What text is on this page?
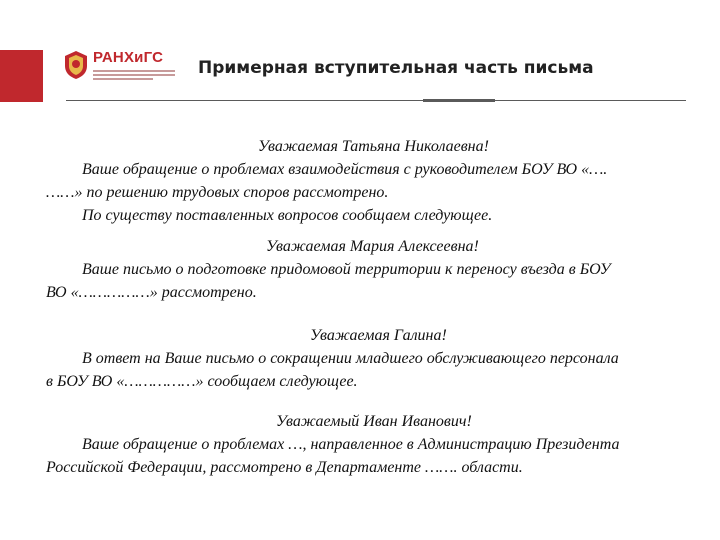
РАНХиГС
Примерная вступительная часть письма

Уважаемая Татьяна Николаевна!

Ваше обращение о проблемах взаимодействия с руководителем БОУ ВО «….

……» по решению трудовых споров рассмотрено.

По существу поставленных вопросов сообщаем следующее.

Уважаемая Мария Алексеевна!

Ваше письмо о подготовке придомовой территории к переносу въезда в БОУ

ВО «……………» рассмотрено.

Уважаемая Галина!

В ответ на Ваше письмо о сокращении младшего обслуживающего персонала

в БОУ ВО «……………» сообщаем следующее.

Уважаемый Иван Иванович!

Ваше обращение о проблемах …, направленное в Администрацию Президента

Российской Федерации, рассмотрено в Департаменте ……. области.
